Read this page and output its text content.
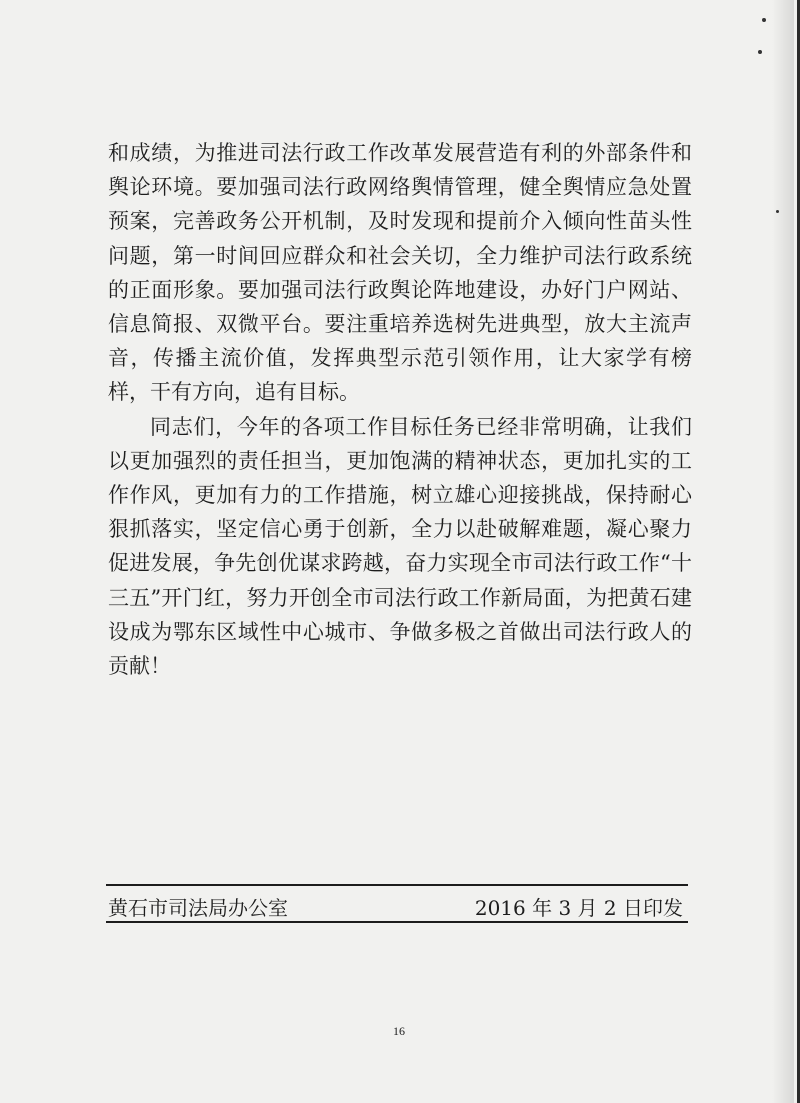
和成绩，为推进司法行政工作改革发展营造有利的外部条件和舆论环境。要加强司法行政网络舆情管理，健全舆情应急处置预案，完善政务公开机制，及时发现和提前介入倾向性苗头性问题，第一时间回应群众和社会关切，全力维护司法行政系统的正面形象。要加强司法行政舆论阵地建设，办好门户网站、信息简报、双微平台。要注重培养选树先进典型，放大主流声音，传播主流价值，发挥典型示范引领作用，让大家学有榜样，干有方向，追有目标。

同志们，今年的各项工作目标任务已经非常明确，让我们以更加强烈的责任担当，更加饱满的精神状态，更加扎实的工作作风，更加有力的工作措施，树立雄心迎接挑战，保持耐心狠抓落实，坚定信心勇于创新，全力以赴破解难题，凝心聚力促进发展，争先创优谋求跨越，奋力实现全市司法行政工作“十三五”开门红，努力开创全市司法行政工作新局面，为把黄石建设成为鄂东区域性中心城市、争做多极之首做出司法行政人的贡献！

黄石市司法局办公室	2016 年 3 月 2 日印发
16
